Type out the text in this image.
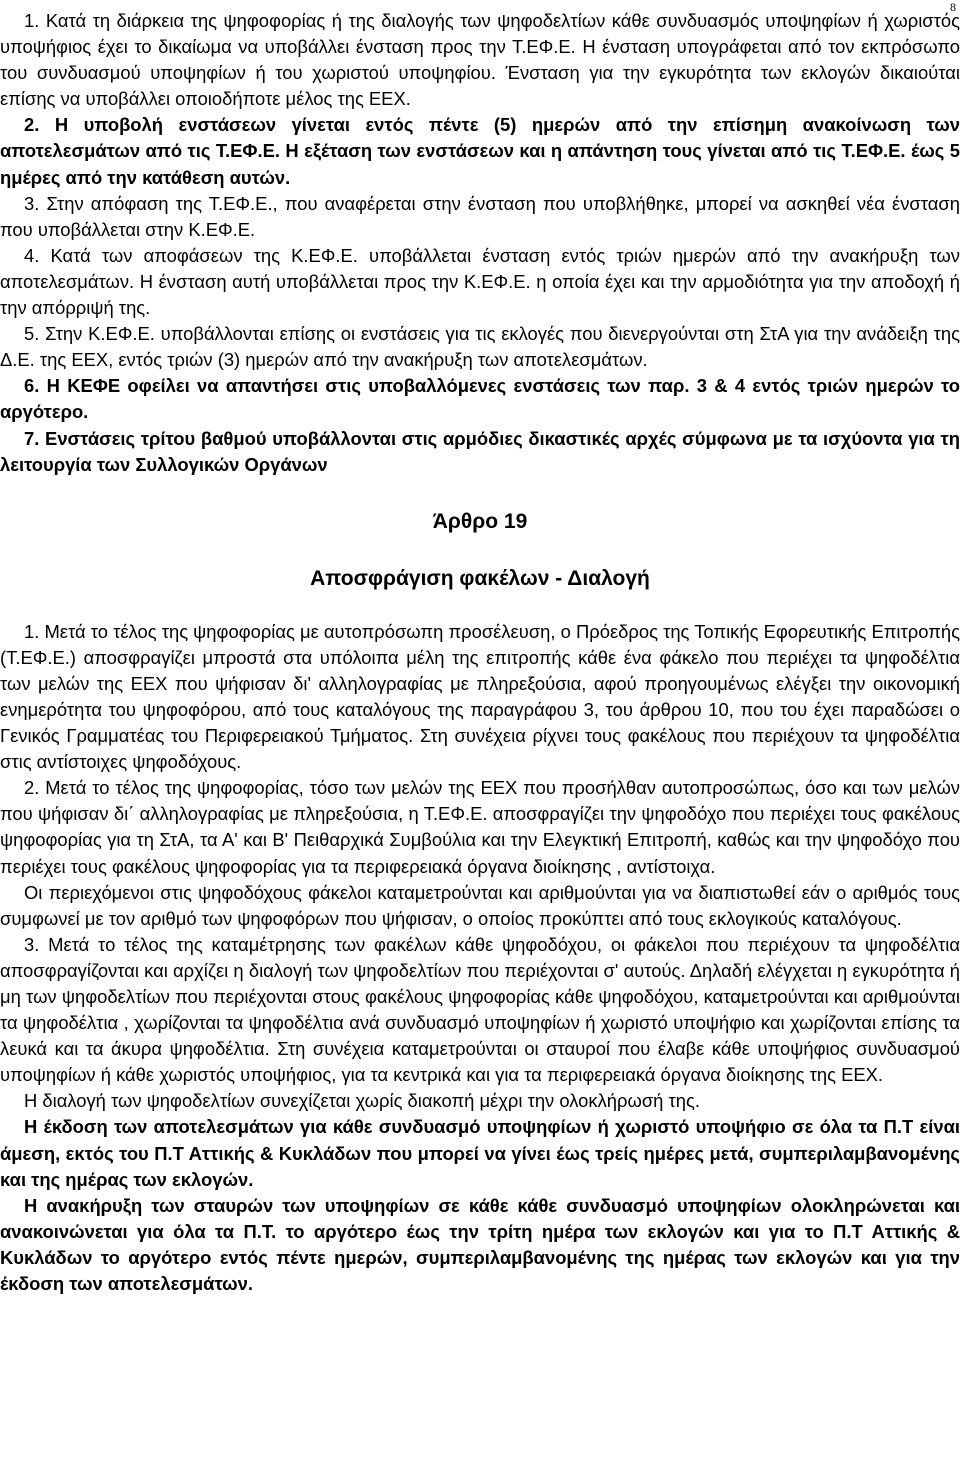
8

1. Κατά τη διάρκεια της ψηφοφορίας ή της διαλογής των ψηφοδελτίων κάθε συνδυασμός υποψηφίων ή χωριστός υποψήφιος έχει το δικαίωμα να υποβάλλει ένσταση προς την Τ.ΕΦ.Ε. Η ένσταση υπογράφεται από τον εκπρόσωπο του συνδυασμού υποψηφίων ή του χωριστού υποψηφίου. Ένσταση για την εγκυρότητα των εκλογών δικαιούται επίσης να υποβάλλει οποιοδήποτε μέλος της ΕΕΧ.

2. Η υποβολή ενστάσεων γίνεται εντός πέντε (5) ημερών από την επίσημη ανακοίνωση των αποτελεσμάτων από τις Τ.ΕΦ.Ε. Η εξέταση των ενστάσεων και η απάντηση τους γίνεται από τις Τ.ΕΦ.Ε. έως 5 ημέρες από την κατάθεση αυτών.

3. Στην απόφαση της Τ.ΕΦ.Ε., που αναφέρεται στην ένσταση που υποβλήθηκε, μπορεί να ασκηθεί νέα ένσταση που υποβάλλεται στην Κ.ΕΦ.Ε.

4. Κατά των αποφάσεων της Κ.ΕΦ.Ε. υποβάλλεται ένσταση εντός τριών ημερών από την ανακήρυξη των αποτελεσμάτων. Η ένσταση αυτή υποβάλλεται προς την Κ.ΕΦ.Ε. η οποία έχει και την αρμοδιότητα για την αποδοχή ή την απόρριψή της.

5. Στην Κ.ΕΦ.Ε. υποβάλλονται επίσης οι ενστάσεις για τις εκλογές που διενεργούνται στη ΣτΑ για την ανάδειξη της Δ.Ε. της ΕΕΧ, εντός τριών (3) ημερών από την ανακήρυξη των αποτελεσμάτων.

6. Η ΚΕΦΕ οφείλει να απαντήσει στις υποβαλλόμενες ενστάσεις των παρ. 3 & 4 εντός τριών ημερών το αργότερο.

7. Ενστάσεις τρίτου βαθμού υποβάλλονται στις αρμόδιες δικαστικές αρχές σύμφωνα με τα ισχύοντα για τη λειτουργία των Συλλογικών Οργάνων

Άρθρο 19
Αποσφράγιση φακέλων - Διαλογή

1. Μετά το τέλος της ψηφοφορίας με αυτοπρόσωπη προσέλευση, ο Πρόεδρος της Τοπικής Εφορευτικής Επιτροπής (Τ.ΕΦ.Ε.) αποσφραγίζει μπροστά στα υπόλοιπα μέλη της επιτροπής κάθε ένα φάκελο που περιέχει τα ψηφοδέλτια των μελών της ΕΕΧ που ψήφισαν δι' αλληλογραφίας με πληρεξούσια, αφού προηγουμένως ελέγξει την οικονομική ενημερότητα του ψηφοφόρου, από τους καταλόγους της παραγράφου 3, του άρθρου 10, που του έχει παραδώσει ο Γενικός Γραμματέας του Περιφερειακού Τμήματος. Στη συνέχεια ρίχνει τους φακέλους που περιέχουν τα ψηφοδέλτια στις αντίστοιχες ψηφοδόχους.

2. Μετά το τέλος της ψηφοφορίας, τόσο των μελών της ΕΕΧ που προσήλθαν αυτοπροσώπως, όσο και των μελών που ψήφισαν δι΄ αλληλογραφίας με πληρεξούσια, η Τ.ΕΦ.Ε. αποσφραγίζει την ψηφοδόχο που περιέχει τους φακέλους ψηφοφορίας για τη ΣτΑ, τα Α' και Β' Πειθαρχικά Συμβούλια και την Ελεγκτική Επιτροπή, καθώς και την ψηφοδόχο που περιέχει τους φακέλους ψηφοφορίας για τα περιφερειακά όργανα διοίκησης , αντίστοιχα.

Οι περιεχόμενοι στις ψηφοδόχους φάκελοι καταμετρούνται και αριθμούνται για να διαπιστωθεί εάν ο αριθμός τους συμφωνεί με τον αριθμό των ψηφοφόρων που ψήφισαν, ο οποίος προκύπτει από τους εκλογικούς καταλόγους.

3. Μετά το τέλος της καταμέτρησης των φακέλων κάθε ψηφοδόχου, οι φάκελοι που περιέχουν τα ψηφοδέλτια αποσφραγίζονται και αρχίζει η διαλογή των ψηφοδελτίων που περιέχονται σ' αυτούς. Δηλαδή ελέγχεται η εγκυρότητα ή μη των ψηφοδελτίων που περιέχονται στους φακέλους ψηφοφορίας κάθε ψηφοδόχου, καταμετρούνται και αριθμούνται τα ψηφοδέλτια , χωρίζονται τα ψηφοδέλτια ανά συνδυασμό υποψηφίων ή χωριστό υποψήφιο και χωρίζονται επίσης τα λευκά και τα άκυρα ψηφοδέλτια. Στη συνέχεια καταμετρούνται οι σταυροί που έλαβε κάθε υποψήφιος συνδυασμού υποψηφίων ή κάθε χωριστός υποψήφιος, για τα κεντρικά και για τα περιφερειακά όργανα διοίκησης της ΕΕΧ.

Η διαλογή των ψηφοδελτίων συνεχίζεται χωρίς διακοπή μέχρι την ολοκλήρωσή της.

Η έκδοση των αποτελεσμάτων για κάθε συνδυασμό υποψηφίων ή χωριστό υποψήφιο σε όλα τα Π.Τ είναι άμεση, εκτός του Π.Τ Αττικής & Κυκλάδων που μπορεί να γίνει έως τρείς ημέρες μετά, συμπεριλαμβανομένης και της ημέρας των εκλογών.

Η ανακήρυξη των σταυρών των υποψηφίων σε κάθε κάθε συνδυασμό υποψηφίων ολοκληρώνεται και ανακοινώνεται για όλα τα Π.Τ. το αργότερο έως την τρίτη ημέρα των εκλογών και για το Π.Τ Αττικής & Κυκλάδων το αργότερο εντός πέντε ημερών, συμπεριλαμβανομένης της ημέρας των εκλογών και για την έκδοση των αποτελεσμάτων.
